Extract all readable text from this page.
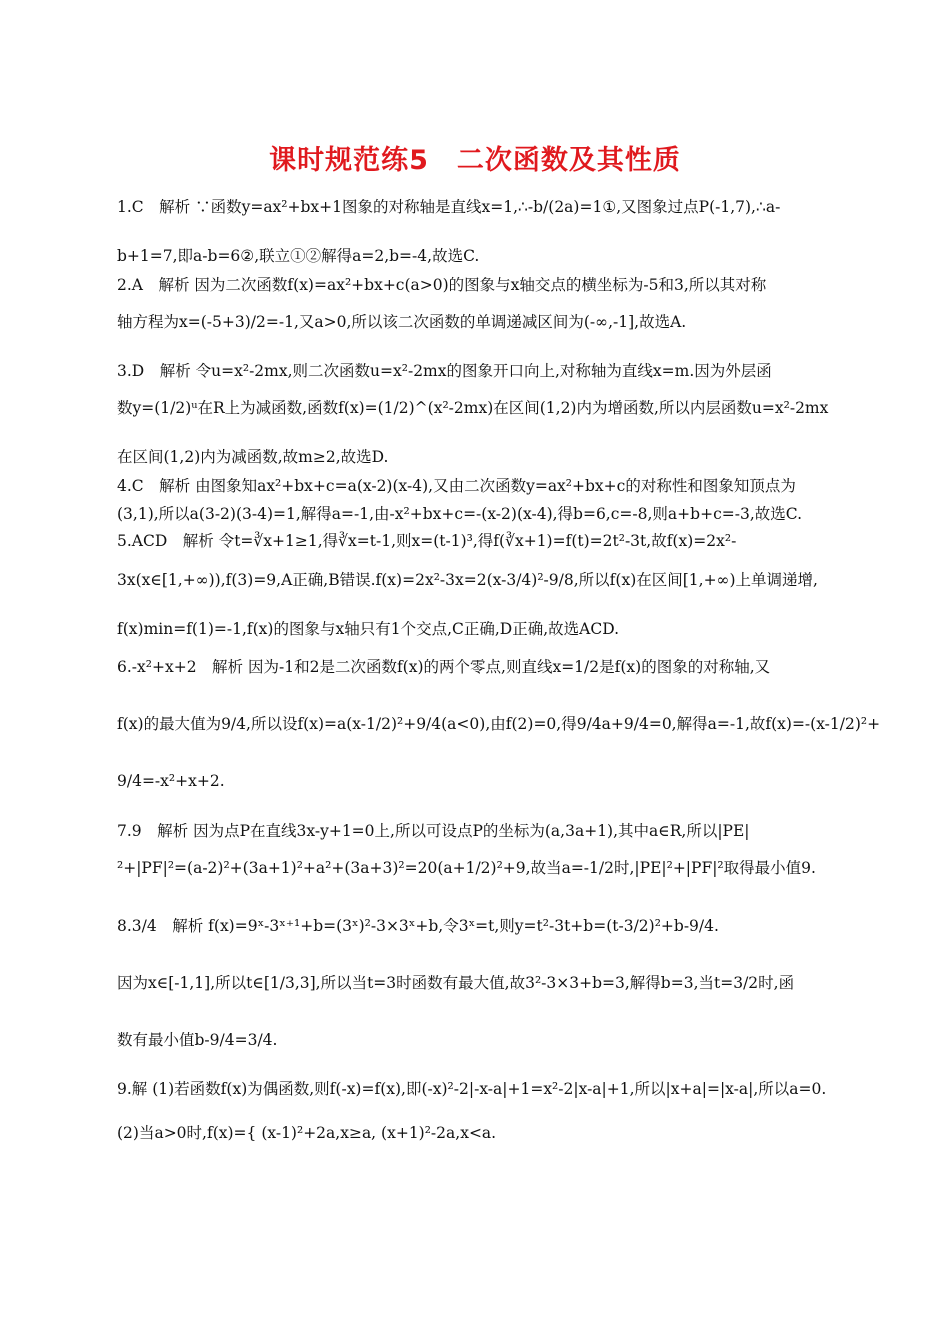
课时规范练5　二次函数及其性质
1.C　解析 ∵函数y=ax²+bx+1图象的对称轴是直线x=1,∴-b/(2a)=1①,又图象过点P(-1,7),∴a-
b+1=7,即a-b=6②,联立①②解得a=2,b=-4,故选C.
2.A　解析 因为二次函数f(x)=ax²+bx+c(a>0)的图象与x轴交点的横坐标为-5和3,所以其对称
轴方程为x=(-5+3)/2=-1,又a>0,所以该二次函数的单调递减区间为(-∞,-1],故选A.
3.D　解析 令u=x²-2mx,则二次函数u=x²-2mx的图象开口向上,对称轴为直线x=m.因为外层函
数y=(1/2)ᵘ在R上为减函数,函数f(x)=(1/2)^(x²-2mx)在区间(1,2)内为增函数,所以内层函数u=x²-2mx
在区间(1,2)内为减函数,故m≥2,故选D.
4.C　解析 由图象知ax²+bx+c=a(x-2)(x-4),又由二次函数y=ax²+bx+c的对称性和图象知顶点为
(3,1),所以a(3-2)(3-4)=1,解得a=-1,由-x²+bx+c=-(x-2)(x-4),得b=6,c=-8,则a+b+c=-3,故选C.
5.ACD　解析 令t=∛x+1≥1,得∛x=t-1,则x=(t-1)³,得f(∛x+1)=f(t)=2t²-3t,故f(x)=2x²-
3x(x∈[1,+∞)),f(3)=9,A正确,B错误.f(x)=2x²-3x=2(x-3/4)²-9/8,所以f(x)在区间[1,+∞)上单调递增,
f(x)min=f(1)=-1,f(x)的图象与x轴只有1个交点,C正确,D正确,故选ACD.
6.-x²+x+2　解析 因为-1和2是二次函数f(x)的两个零点,则直线x=1/2是f(x)的图象的对称轴,又
f(x)的最大值为9/4,所以设f(x)=a(x-1/2)²+9/4(a<0),由f(2)=0,得9/4a+9/4=0,解得a=-1,故f(x)=-(x-1/2)²+
9/4=-x²+x+2.
7.9　解析 因为点P在直线3x-y+1=0上,所以可设点P的坐标为(a,3a+1),其中a∈R,所以|PE|
²+|PF|²=(a-2)²+(3a+1)²+a²+(3a+3)²=20(a+1/2)²+9,故当a=-1/2时,|PE|²+|PF|²取得最小值9.
8.3/4　解析 f(x)=9ˣ-3ˣ⁺¹+b=(3ˣ)²-3×3ˣ+b,令3ˣ=t,则y=t²-3t+b=(t-3/2)²+b-9/4.
因为x∈[-1,1],所以t∈[1/3,3],所以当t=3时函数有最大值,故3²-3×3+b=3,解得b=3,当t=3/2时,函
数有最小值b-9/4=3/4.
9.解 (1)若函数f(x)为偶函数,则f(-x)=f(x),即(-x)²-2|-x-a|+1=x²-2|x-a|+1,所以|x+a|=|x-a|,所以a=0.
(2)当a>0时,f(x)={ (x-1)²+2a,x≥a, (x+1)²-2a,x<a.
